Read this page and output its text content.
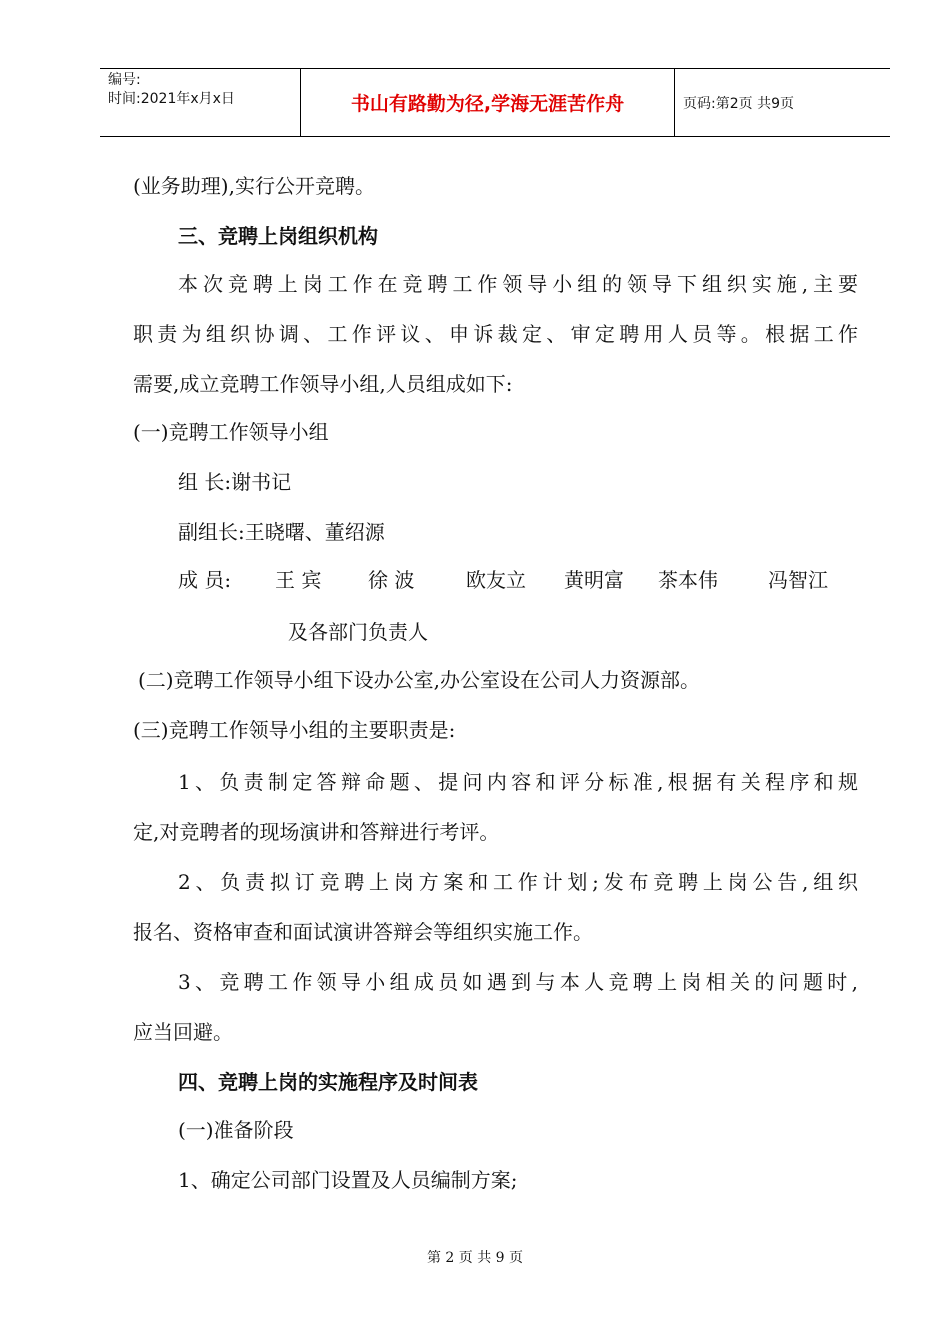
编号:
时间:2021年x月x日	书山有路勤为径,学海无涯苦作舟	页码:第2页 共9页
(业务助理),实行公开竞聘。
三、竞聘上岗组织机构
本次竞聘上岗工作在竞聘工作领导小组的领导下组织实施,主要
职责为组织协调、工作评议、申诉裁定、审定聘用人员等。根据工作
需要,成立竞聘工作领导小组,人员组成如下:
(一)竞聘工作领导小组
组 长:谢书记
副组长:王晓曙、董绍源
成 员: 王 宾 徐 波	欧友立 黄明富 茶本伟	冯智江
及各部门负责人
(二)竞聘工作领导小组下设办公室,办公室设在公司人力资源部。
(三)竞聘工作领导小组的主要职责是:
1、负责制定答辩命题、提问内容和评分标准,根据有关程序和规
定,对竞聘者的现场演讲和答辩进行考评。
2、负责拟订竞聘上岗方案和工作计划;发布竞聘上岗公告,组织
报名、资格审查和面试演讲答辩会等组织实施工作。
3、竞聘工作领导小组成员如遇到与本人竞聘上岗相关的问题时,
应当回避。
四、竞聘上岗的实施程序及时间表
(一)准备阶段
1、确定公司部门设置及人员编制方案;
第 2 页 共 9 页
